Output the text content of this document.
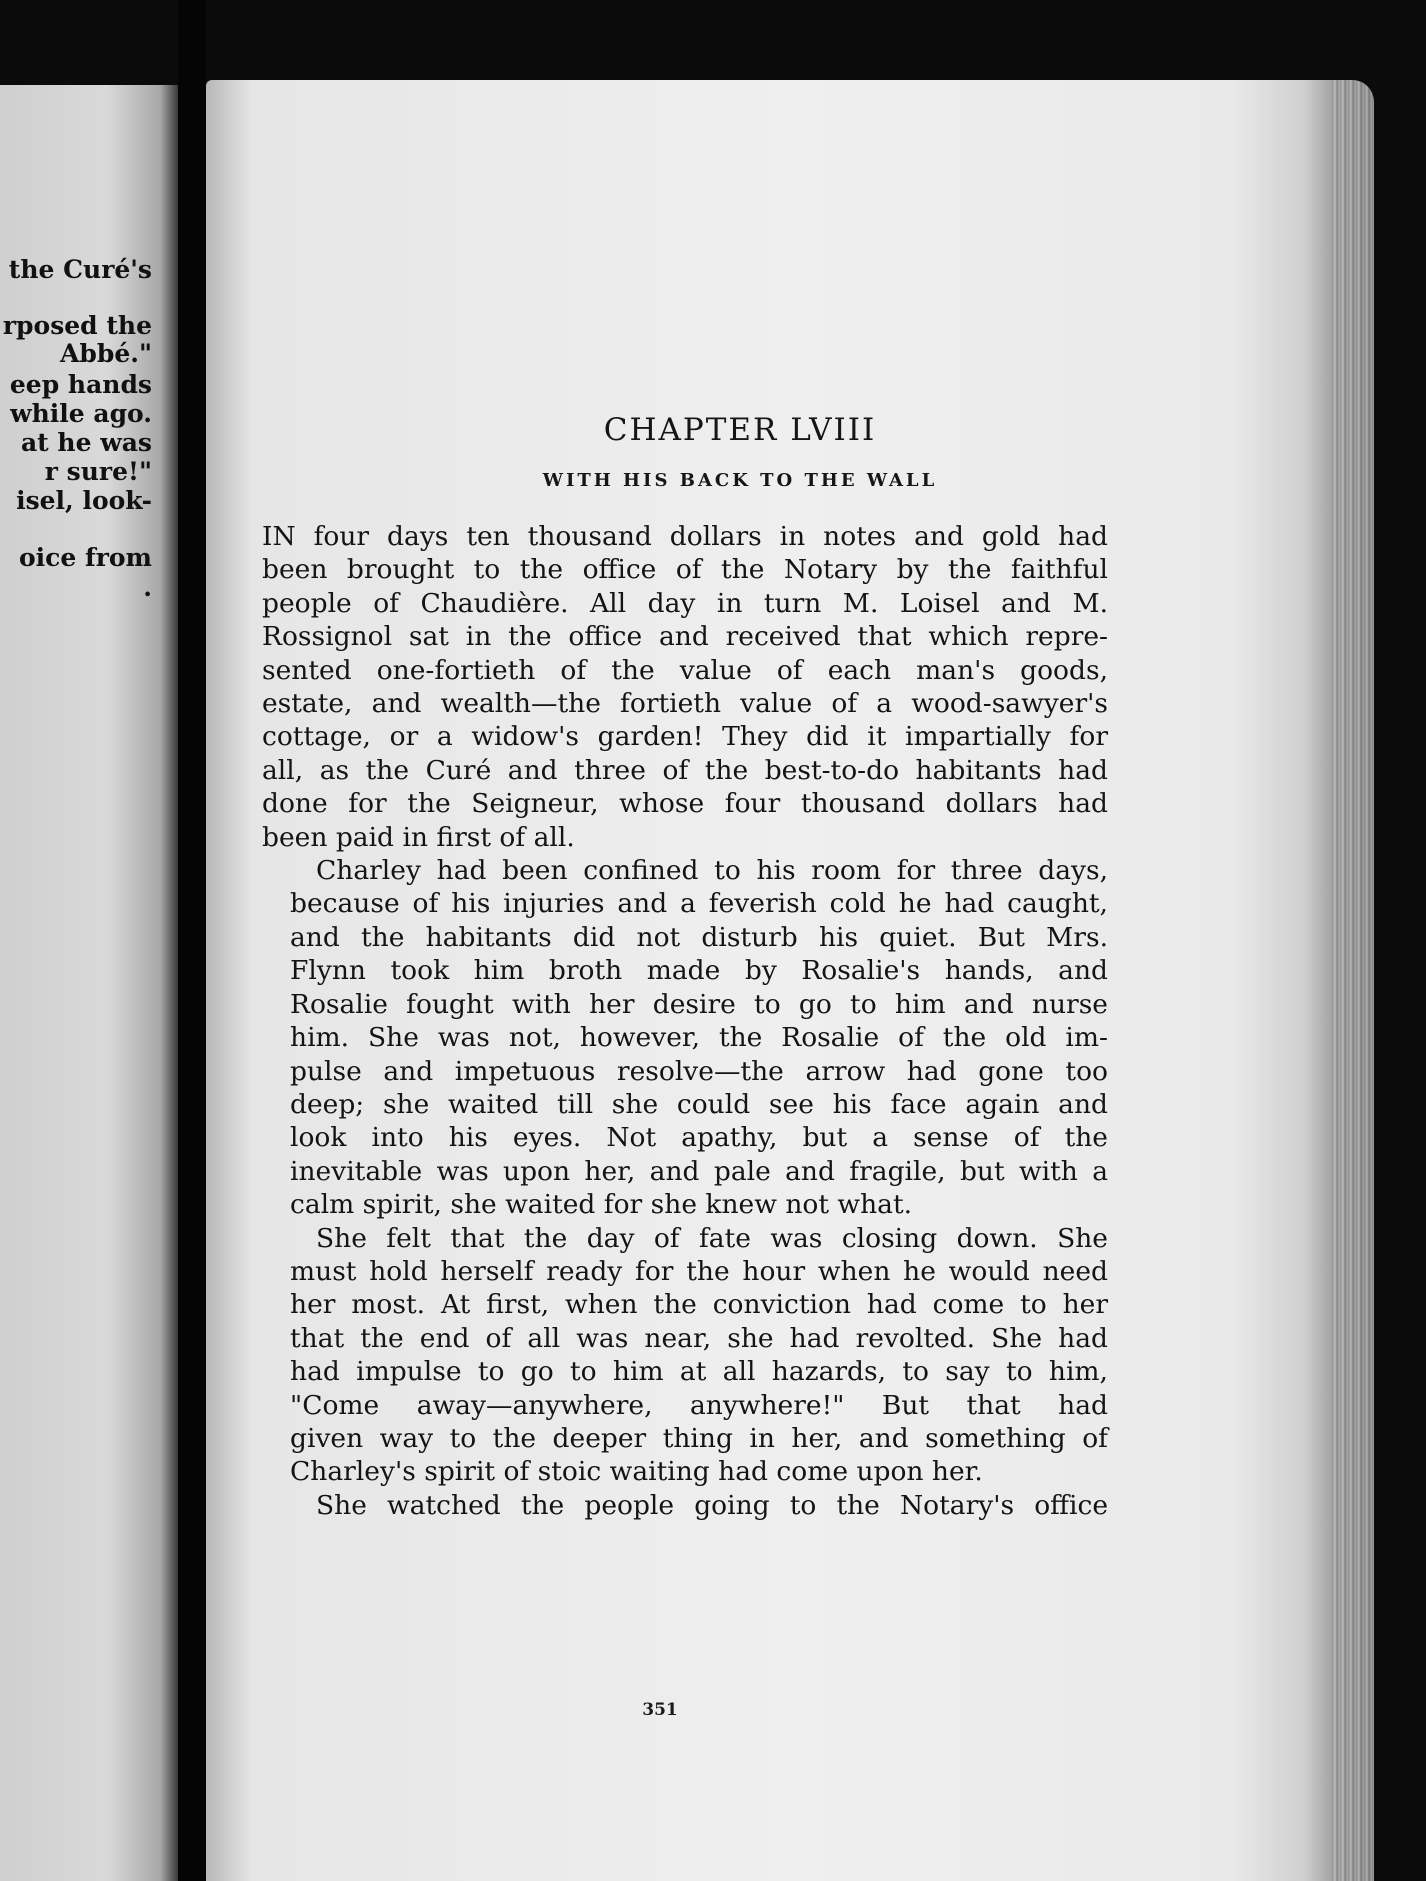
the Curé's
rposed the
Abbé."
eep hands
while ago.
at he was
r sure!"
isel, look-
oice from
.
CHAPTER LVIII
WITH HIS BACK TO THE WALL

IN four days ten thousand dollars in notes and gold had
been brought to the office of the Notary by the faithful
people of Chaudière. All day in turn M. Loisel and M.
Rossignol sat in the office and received that which repre-
sented one-fortieth of the value of each man's goods,
estate, and wealth—the fortieth value of a wood-sawyer's
cottage, or a widow's garden! They did it impartially for
all, as the Curé and three of the best-to-do habitants had
done for the Seigneur, whose four thousand dollars had
been paid in first of all.

Charley had been confined to his room for three days,
because of his injuries and a feverish cold he had caught,
and the habitants did not disturb his quiet. But Mrs.
Flynn took him broth made by Rosalie's hands, and
Rosalie fought with her desire to go to him and nurse
him. She was not, however, the Rosalie of the old im-
pulse and impetuous resolve—the arrow had gone too
deep; she waited till she could see his face again and
look into his eyes. Not apathy, but a sense of the
inevitable was upon her, and pale and fragile, but with a
calm spirit, she waited for she knew not what.

She felt that the day of fate was closing down. She
must hold herself ready for the hour when he would need
her most. At first, when the conviction had come to her
that the end of all was near, she had revolted. She had
had impulse to go to him at all hazards, to say to him,
"Come away—anywhere, anywhere!" But that had
given way to the deeper thing in her, and something of
Charley's spirit of stoic waiting had come upon her.

She watched the people going to the Notary's office

351
